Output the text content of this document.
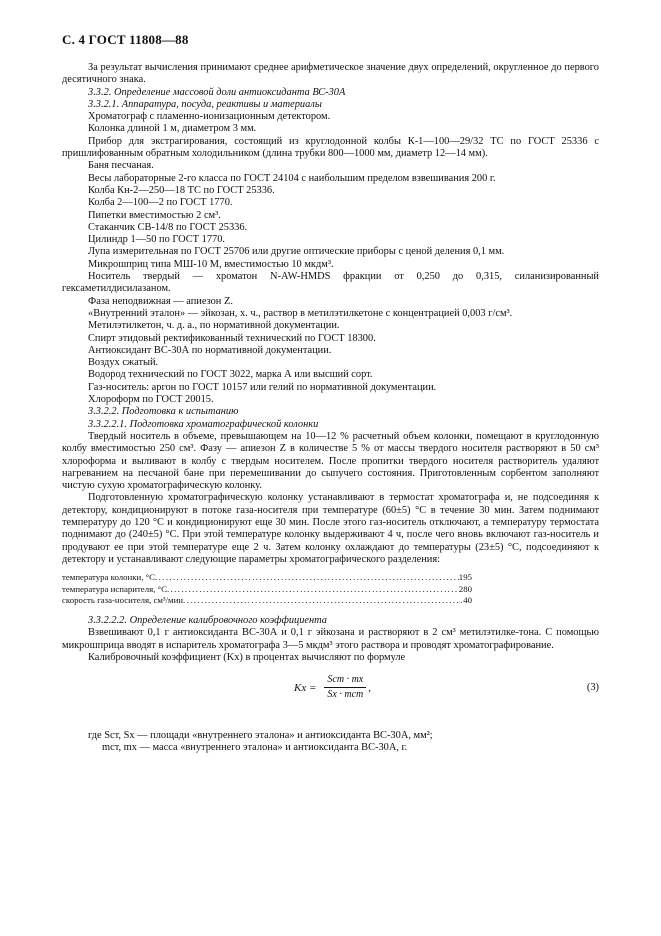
С. 4 ГОСТ 11808—88

За результат вычисления принимают среднее арифметическое значение двух определений, округленное до первого десятичного знака.

3.3.2. Определение массовой доли антиоксиданта ВС-30А

3.3.2.1. Аппаратура, посуда, реактивы и материалы

Хроматограф с пламенно-ионизационным детектором.

Колонка длиной 1 м, диаметром 3 мм.

Прибор для экстрагирования, состоящий из круглодонной колбы К-1—100—29/32 ТС по ГОСТ 25336 с пришлифованным обратным холодильником (длина трубки 800—1000 мм, диаметр 12—14 мм).

Баня песчаная.

Весы лабораторные 2-го класса по ГОСТ 24104 с наибольшим пределом взвешивания 200 г.

Колба Кн-2—250—18 ТС по ГОСТ 25336.

Колба 2—100—2 по ГОСТ 1770.

Пипетки вместимостью 2 см³.

Стаканчик СВ-14/8 по ГОСТ 25336.

Цилиндр 1—50 по ГОСТ 1770.

Лупа измерительная по ГОСТ 25706 или другие оптические приборы с ценой деления 0,1 мм.

Микрошприц типа МШ-10 М, вместимостью 10 мкдм³.

Носитель твердый — хроматон N-AW-HMDS фракции от 0,250 до 0,315, силанизированный гексаметилдисилазаном.

Фаза неподвижная — апиезон Z.

«Внутренний эталон» — эйкозан, х. ч., раствор в метилэтилкетоне с концентрацией 0,003 г/см³.

Метилэтилкетон, ч. д. а., по нормативной документации.

Спирт этидовый ректификованный технический по ГОСТ 18300.

Антиоксидант ВС-30А по нормативной документации.

Воздух сжатый.

Водород технический по ГОСТ 3022, марка А или высший сорт.

Газ-носитель: аргон по ГОСТ 10157 или гелий по нормативной документации.

Хлороформ по ГОСТ 20015.

3.3.2.2. Подготовка к испытанию

3.3.2.2.1. Подготовка хроматографической колонки

Твердый носитель в объеме, превышающем на 10—12 % расчетный объем колонки, помещают в круглодонную колбу вместимостью 250 см³. Фазу — апиезон Z в количестве 5 % от массы твердого носителя растворяют в 50 см³ хлороформа и выливают в колбу с твердым носителем. После пропитки твердого носителя растворитель удаляют нагреванием на песчаной бане при перемешивании до сыпучего состояния. Приготовленным сорбентом заполняют чистую сухую хроматографическую колонку.

Подготовленную хроматографическую колонку устанавливают в термостат хроматографа и, не подсоединяя к детектору, кондиционируют в потоке газа-носителя при температуре (60±5) °С в течение 30 мин. Затем поднимают температуру до 120 °С и кондиционируют еще 30 мин. После этого газ-носитель отключают, а температуру термостата поднимают до (240±5) °С. При этой температуре колонку выдерживают 4 ч, после чего вновь включают газ-носитель и продувают ее при этой температуре еще 2 ч. Затем колонку охлаждают до температуры (23±5) °С, подсоединяют к детектору и устанавливают следующие параметры хроматографического разделения:

температура колонки, °С .....	195
температура испарителя, °С .....	280
скорость газа-носителя, см³/мин .....	40

3.3.2.2.2. Определение калибровочного коэффициента

Взвешивают 0,1 г антиоксиданта ВС-30А и 0,1 г эйкозана и растворяют в 2 см³ метилэтилке-тона. С помощью микрошприца вводят в испаритель хроматографа 3—5 мкдм³ этого раствора и проводят хроматографирование.

Калибровочный коэффициент (Kх) в процентах вычисляют по формуле

Kх = $\frac{\text{Sст · mх}}{\text{Sх · mст}}$ ,	(3)

где Sст, Sх — площади «внутреннего эталона» и антиоксиданта ВС-30А, мм²;

mст, mх — масса «внутреннего эталона» и антиоксиданта ВС-30А, г.
